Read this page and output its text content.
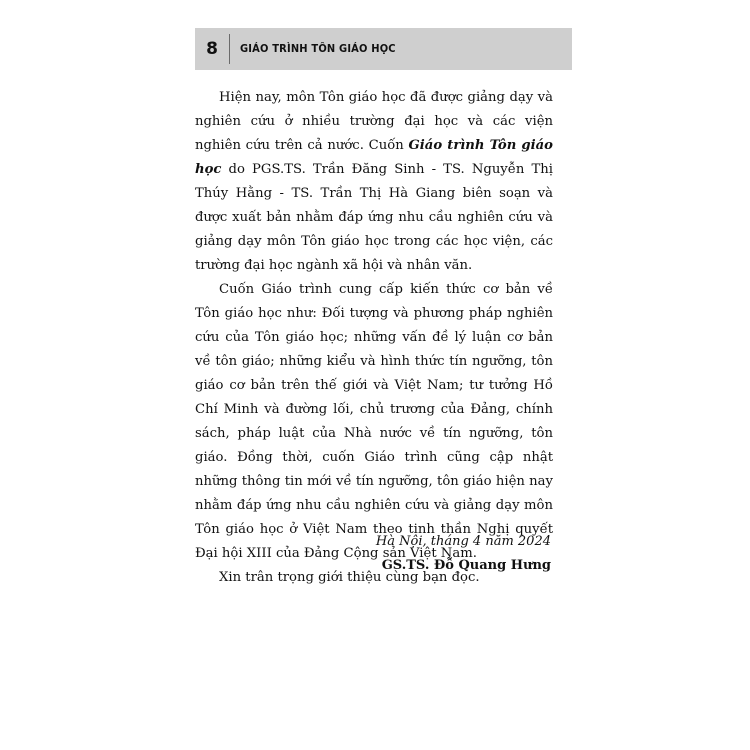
8	GIÁO TRÌNH TÔN GIÁO HỌC

Hiện nay, môn Tôn giáo học đã được giảng dạy và nghiên cứu ở nhiều trường đại học và các viện nghiên cứu trên cả nước. Cuốn Giáo trình Tôn giáo học do PGS.TS. Trần Đăng Sinh - TS. Nguyễn Thị Thúy Hằng - TS. Trần Thị Hà Giang biên soạn và được xuất bản nhằm đáp ứng nhu cầu nghiên cứu và giảng dạy môn Tôn giáo học trong các học viện, các trường đại học ngành xã hội và nhân văn.

Cuốn Giáo trình cung cấp kiến thức cơ bản về Tôn giáo học như: Đối tượng và phương pháp nghiên cứu của Tôn giáo học; những vấn đề lý luận cơ bản về tôn giáo; những kiểu và hình thức tín ngưỡng, tôn giáo cơ bản trên thế giới và Việt Nam; tư tưởng Hồ Chí Minh và đường lối, chủ trương của Đảng, chính sách, pháp luật của Nhà nước về tín ngưỡng, tôn giáo. Đồng thời, cuốn Giáo trình cũng cập nhật những thông tin mới về tín ngưỡng, tôn giáo hiện nay nhằm đáp ứng nhu cầu nghiên cứu và giảng dạy môn Tôn giáo học ở Việt Nam theo tinh thần Nghị quyết Đại hội XIII của Đảng Cộng sản Việt Nam.

Xin trân trọng giới thiệu cùng bạn đọc.

Hà Nội, tháng 4 năm 2024
GS.TS. Đỗ Quang Hưng
